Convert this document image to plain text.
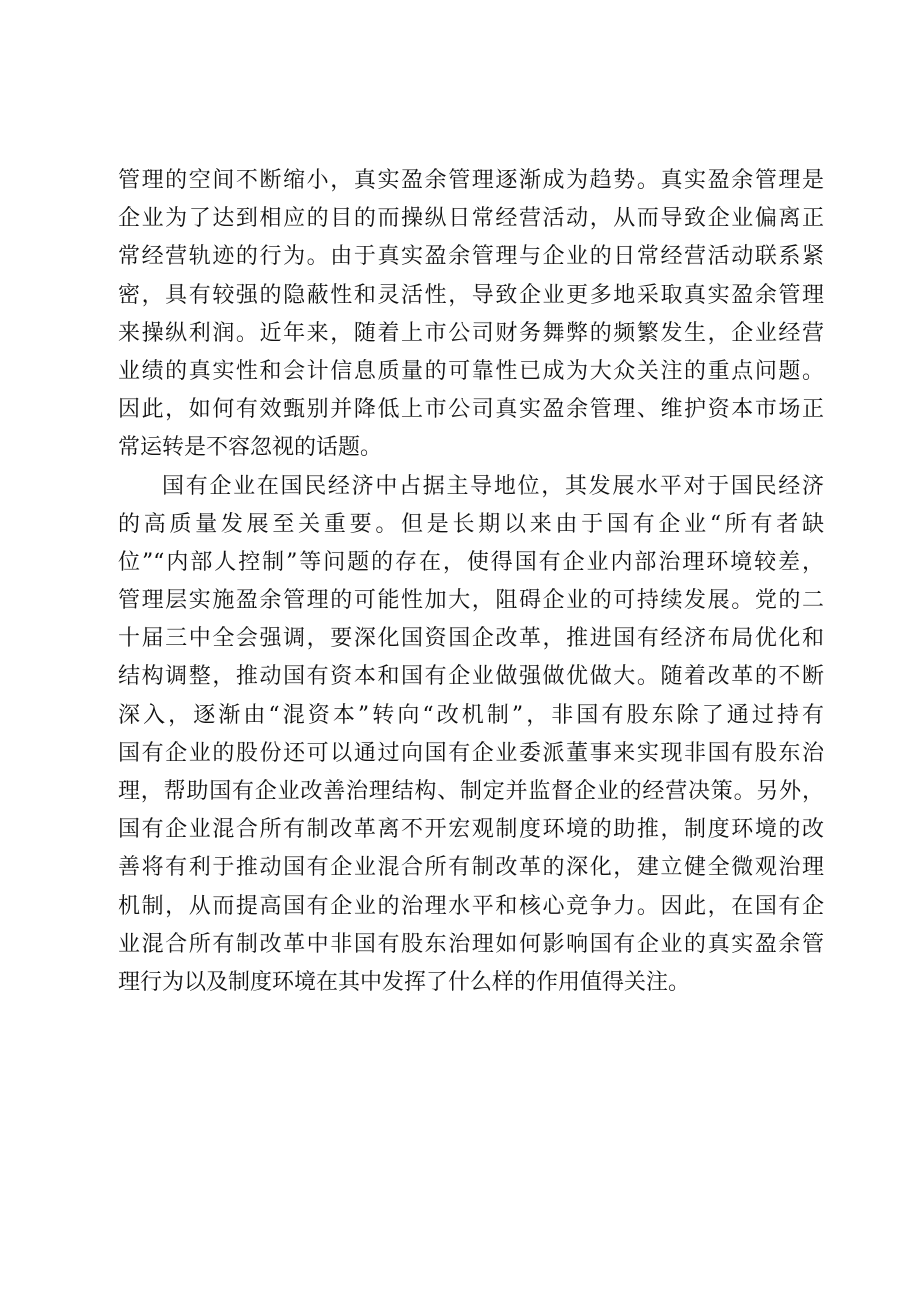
管理的空间不断缩小，真实盈余管理逐渐成为趋势。真实盈余管理是
企业为了达到相应的目的而操纵日常经营活动，从而导致企业偏离正
常经营轨迹的行为。由于真实盈余管理与企业的日常经营活动联系紧
密，具有较强的隐蔽性和灵活性，导致企业更多地采取真实盈余管理
来操纵利润。近年来，随着上市公司财务舞弊的频繁发生，企业经营
业绩的真实性和会计信息质量的可靠性已成为大众关注的重点问题。
因此，如何有效甄别并降低上市公司真实盈余管理、维护资本市场正
常运转是不容忽视的话题。
国有企业在国民经济中占据主导地位，其发展水平对于国民经济
的高质量发展至关重要。但是长期以来由于国有企业“所有者缺
位”“内部人控制”等问题的存在，使得国有企业内部治理环境较差，
管理层实施盈余管理的可能性加大，阻碍企业的可持续发展。党的二
十届三中全会强调，要深化国资国企改革，推进国有经济布局优化和
结构调整，推动国有资本和国有企业做强做优做大。随着改革的不断
深入，逐渐由“混资本”转向“改机制”，非国有股东除了通过持有
国有企业的股份还可以通过向国有企业委派董事来实现非国有股东治
理，帮助国有企业改善治理结构、制定并监督企业的经营决策。另外，
国有企业混合所有制改革离不开宏观制度环境的助推，制度环境的改
善将有利于推动国有企业混合所有制改革的深化，建立健全微观治理
机制，从而提高国有企业的治理水平和核心竞争力。因此，在国有企
业混合所有制改革中非国有股东治理如何影响国有企业的真实盈余管
理行为以及制度环境在其中发挥了什么样的作用值得关注。
